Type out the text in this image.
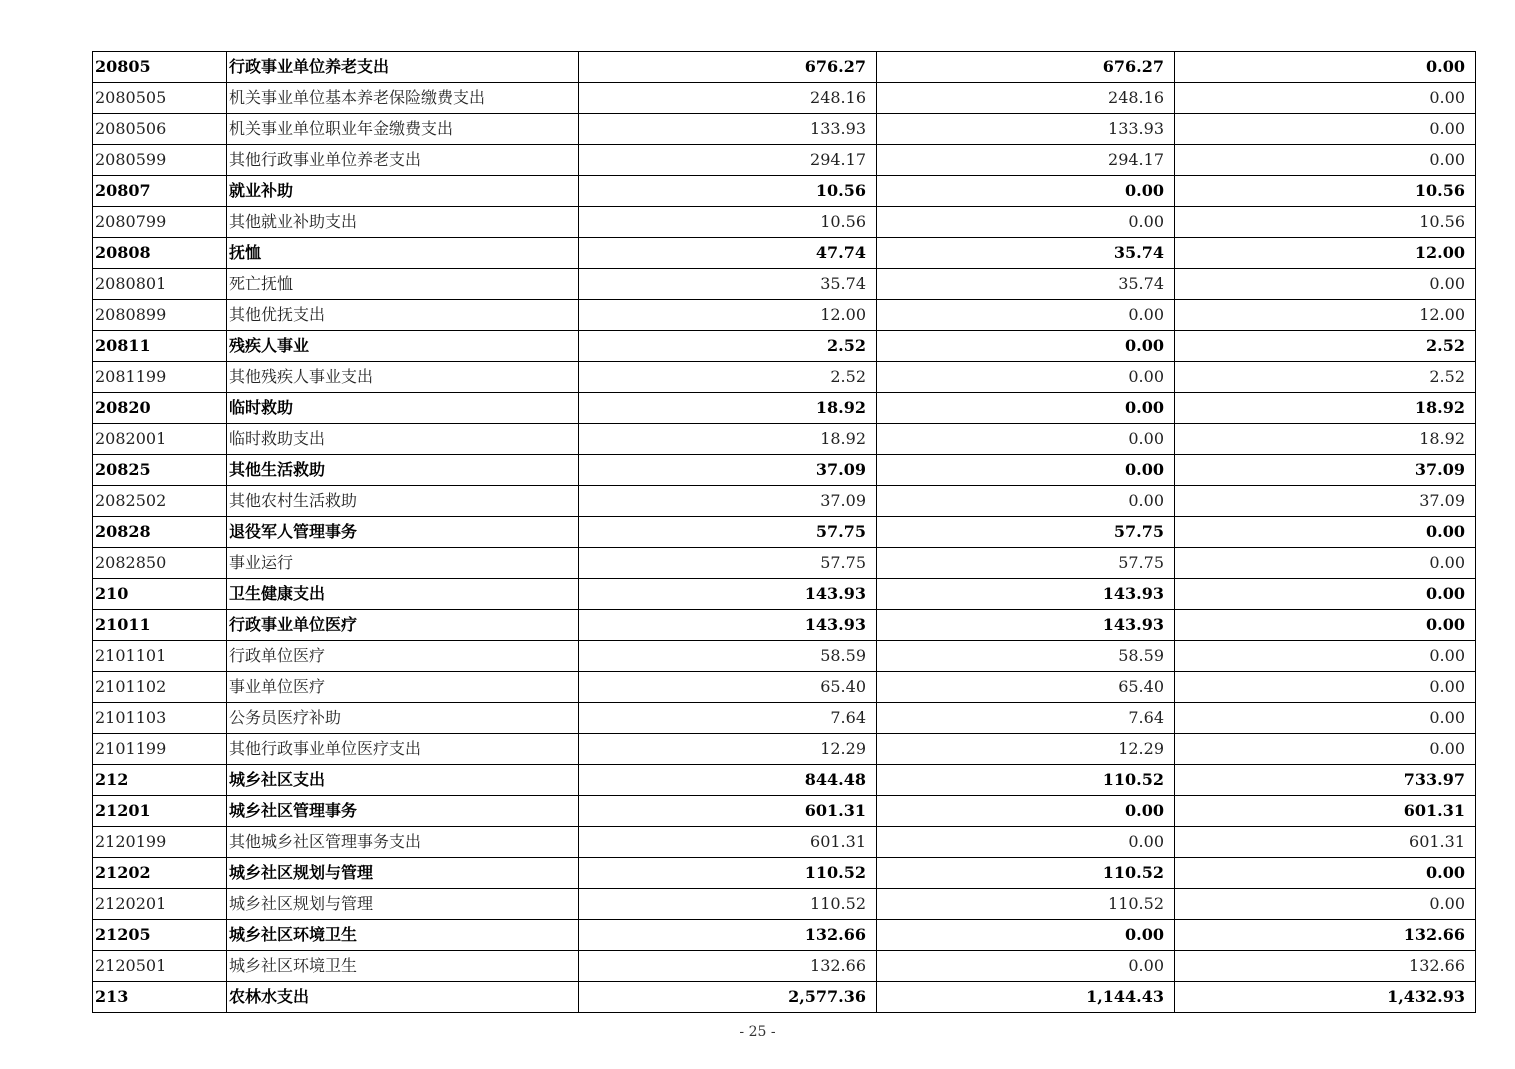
20805	行政事业单位养老支出	676.27	676.27	0.00
2080505	机关事业单位基本养老保险缴费支出	248.16	248.16	0.00
2080506	机关事业单位职业年金缴费支出	133.93	133.93	0.00
2080599	其他行政事业单位养老支出	294.17	294.17	0.00
20807	就业补助	10.56	0.00	10.56
2080799	其他就业补助支出	10.56	0.00	10.56
20808	抚恤	47.74	35.74	12.00
2080801	死亡抚恤	35.74	35.74	0.00
2080899	其他优抚支出	12.00	0.00	12.00
20811	残疾人事业	2.52	0.00	2.52
2081199	其他残疾人事业支出	2.52	0.00	2.52
20820	临时救助	18.92	0.00	18.92
2082001	临时救助支出	18.92	0.00	18.92
20825	其他生活救助	37.09	0.00	37.09
2082502	其他农村生活救助	37.09	0.00	37.09
20828	退役军人管理事务	57.75	57.75	0.00
2082850	事业运行	57.75	57.75	0.00
210	卫生健康支出	143.93	143.93	0.00
21011	行政事业单位医疗	143.93	143.93	0.00
2101101	行政单位医疗	58.59	58.59	0.00
2101102	事业单位医疗	65.40	65.40	0.00
2101103	公务员医疗补助	7.64	7.64	0.00
2101199	其他行政事业单位医疗支出	12.29	12.29	0.00
212	城乡社区支出	844.48	110.52	733.97
21201	城乡社区管理事务	601.31	0.00	601.31
2120199	其他城乡社区管理事务支出	601.31	0.00	601.31
21202	城乡社区规划与管理	110.52	110.52	0.00
2120201	城乡社区规划与管理	110.52	110.52	0.00
21205	城乡社区环境卫生	132.66	0.00	132.66
2120501	城乡社区环境卫生	132.66	0.00	132.66
213	农林水支出	2,577.36	1,144.43	1,432.93
- 25 -
